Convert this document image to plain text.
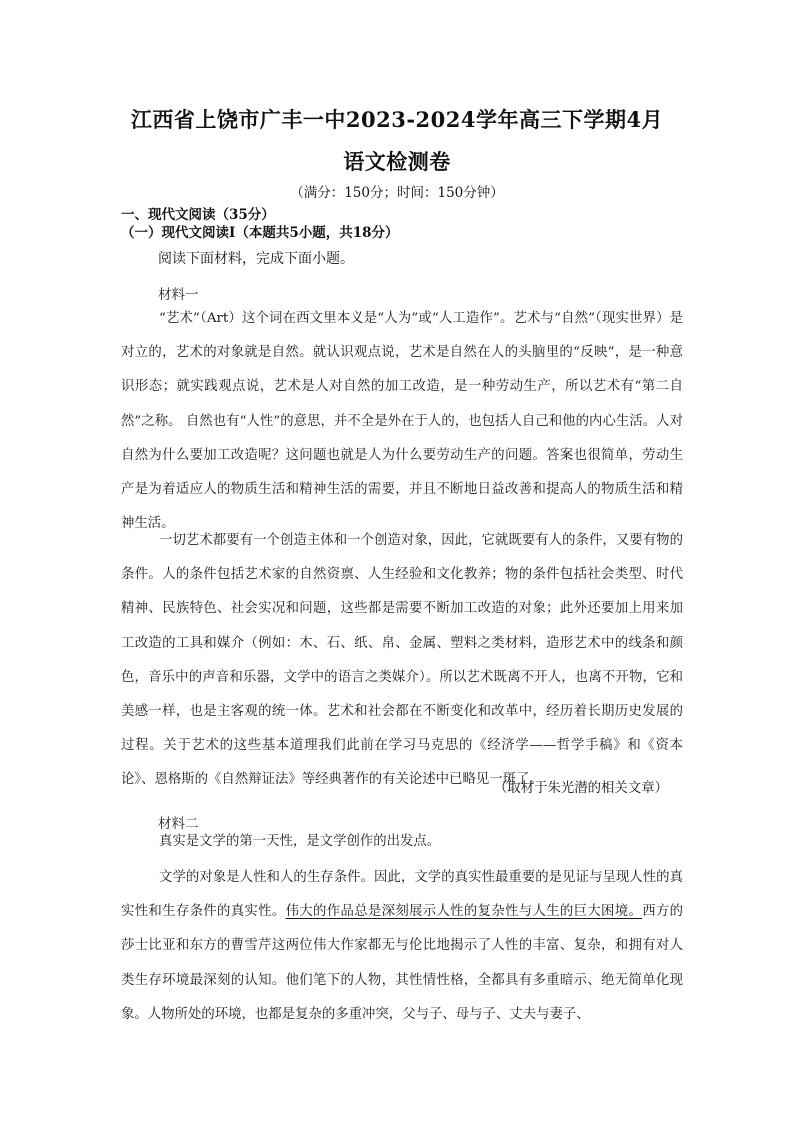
江西省上饶市广丰一中2023-2024学年高三下学期4月
语文检测卷
（满分：150分；时间：150分钟）
一、现代文阅读（35分）
（一）现代文阅读Ⅰ（本题共5小题，共18分）
阅读下面材料，完成下面小题。
材料一
“艺术”（Art）这个词在西文里本义是“人为”或“人工造作”。艺术与“自然”（现实世界）是对立的，艺术的对象就是自然。就认识观点说，艺术是自然在人的头脑里的“反映”，是一种意识形态；就实践观点说，艺术是人对自然的加工改造，是一种劳动生产，所以艺术有“第二自然”之称。 自然也有“人性”的意思，并不全是外在于人的，也包括人自己和他的内心生活。人对自然为什么要加工改造呢？这问题也就是人为什么要劳动生产的问题。答案也很简单，劳动生产是为着适应人的物质生活和精神生活的需要，并且不断地日益改善和提高人的物质生活和精神生活。
一切艺术都要有一个创造主体和一个创造对象，因此，它就既要有人的条件，又要有物的条件。人的条件包括艺术家的自然资禀、人生经验和文化教养；物的条件包括社会类型、时代精神、民族特色、社会实况和问题，这些都是需要不断加工改造的对象；此外还要加上用来加工改造的工具和媒介（例如：木、石、纸、帛、金属、塑料之类材料，造形艺术中的线条和颜色，音乐中的声音和乐器，文学中的语言之类媒介）。所以艺术既离不开人，也离不开物，它和美感一样，也是主客观的统一体。艺术和社会都在不断变化和改革中，经历着长期历史发展的过程。关于艺术的这些基本道理我们此前在学习马克思的《经济学——哲学手稿》和《资本论》、恩格斯的《自然辩证法》等经典著作的有关论述中已略见一斑了。
（取材于朱光潜的相关文章）
材料二
真实是文学的第一天性，是文学创作的出发点。
文学的对象是人性和人的生存条件。因此，文学的真实性最重要的是见证与呈现人性的真实性和生存条件的真实性。伟大的作品总是深刻展示人性的复杂性与人生的巨大困境。西方的莎士比亚和东方的曹雪芹这两位伟大作家都无与伦比地揭示了人性的丰富、复杂，和拥有对人类生存环境最深刻的认知。他们笔下的人物，其性情性格，全都具有多重暗示、绝无简单化现象。人物所处的环境，也都是复杂的多重冲突，父与子、母与子、丈夫与妻子、
